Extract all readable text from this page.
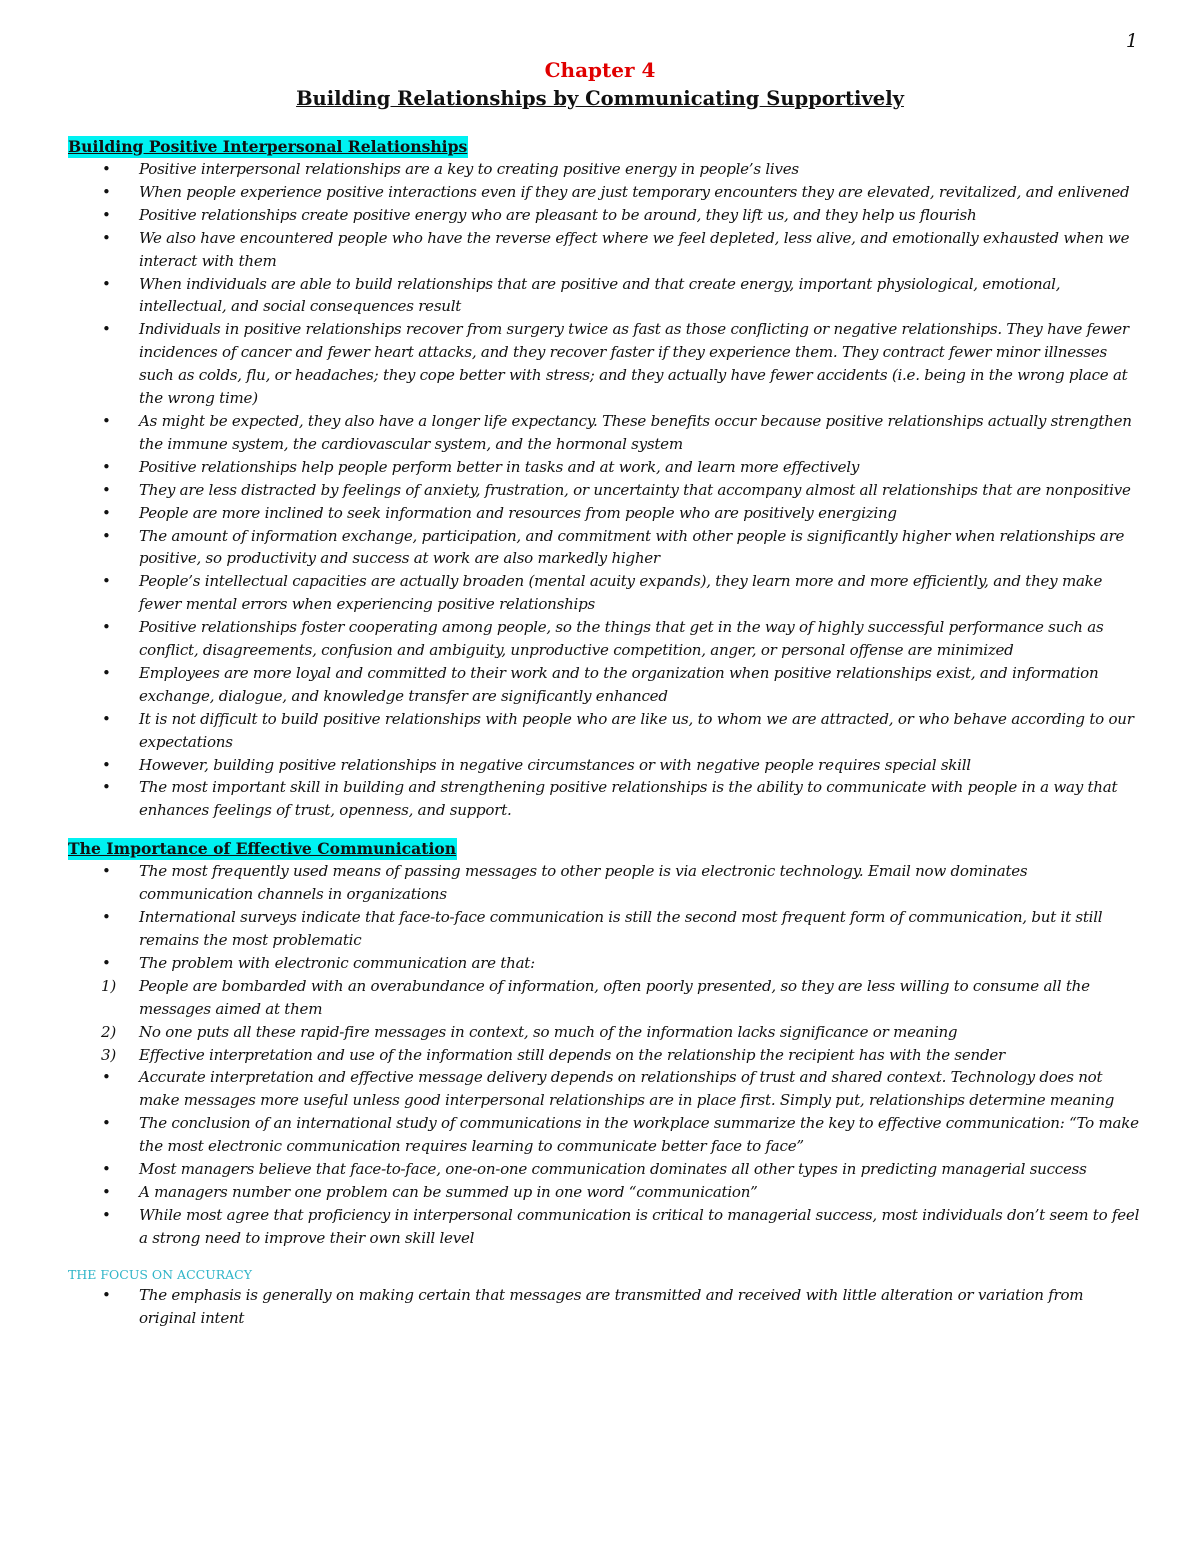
1
Chapter 4
Building Relationships by Communicating Supportively
Building Positive Interpersonal Relationships
• Positive interpersonal relationships are a key to creating positive energy in people’s lives
• When people experience positive interactions even if they are just temporary encounters they are elevated, revitalized, and enlivened
• Positive relationships create positive energy who are pleasant to be around, they lift us, and they help us flourish
• We also have encountered people who have the reverse effect where we feel depleted, less alive, and emotionally exhausted when we interact with them
• When individuals are able to build relationships that are positive and that create energy, important physiological, emotional, intellectual, and social consequences result
• Individuals in positive relationships recover from surgery twice as fast as those conflicting or negative relationships. They have fewer incidences of cancer and fewer heart attacks, and they recover faster if they experience them. They contract fewer minor illnesses such as colds, flu, or headaches; they cope better with stress; and they actually have fewer accidents (i.e. being in the wrong place at the wrong time)
• As might be expected, they also have a longer life expectancy. These benefits occur because positive relationships actually strengthen the immune system, the cardiovascular system, and the hormonal system
• Positive relationships help people perform better in tasks and at work, and learn more effectively
• They are less distracted by feelings of anxiety, frustration, or uncertainty that accompany almost all relationships that are nonpositive
• People are more inclined to seek information and resources from people who are positively energizing
• The amount of information exchange, participation, and commitment with other people is significantly higher when relationships are positive, so productivity and success at work are also markedly higher
• People’s intellectual capacities are actually broaden (mental acuity expands), they learn more and more efficiently, and they make fewer mental errors when experiencing positive relationships
• Positive relationships foster cooperating among people, so the things that get in the way of highly successful performance such as conflict, disagreements, confusion and ambiguity, unproductive competition, anger, or personal offense are minimized
• Employees are more loyal and committed to their work and to the organization when positive relationships exist, and information exchange, dialogue, and knowledge transfer are significantly enhanced
• It is not difficult to build positive relationships with people who are like us, to whom we are attracted, or who behave according to our expectations
• However, building positive relationships in negative circumstances or with negative people requires special skill
• The most important skill in building and strengthening positive relationships is the ability to communicate with people in a way that enhances feelings of trust, openness, and support.
The Importance of Effective Communication
• The most frequently used means of passing messages to other people is via electronic technology. Email now dominates communication channels in organizations
• International surveys indicate that face-to-face communication is still the second most frequent form of communication, but it still remains the most problematic
• The problem with electronic communication are that:
1)	People are bombarded with an overabundance of information, often poorly presented, so they are less willing to consume all the messages aimed at them
2)	No one puts all these rapid-fire messages in context, so much of the information lacks significance or meaning
3)	Effective interpretation and use of the information still depends on the relationship the recipient has with the sender
• Accurate interpretation and effective message delivery depends on relationships of trust and shared context. Technology does not make messages more useful unless good interpersonal relationships are in place first. Simply put, relationships determine meaning
• The conclusion of an international study of communications in the workplace summarize the key to effective communication: “To make the most electronic communication requires learning to communicate better face to face”
• Most managers believe that face-to-face, one-on-one communication dominates all other types in predicting managerial success
• A managers number one problem can be summed up in one word “communication”
• While most agree that proficiency in interpersonal communication is critical to managerial success, most individuals don’t seem to feel a strong need to improve their own skill level
THE FOCUS ON ACCURACY
• The emphasis is generally on making certain that messages are transmitted and received with little alteration or variation from original intent
